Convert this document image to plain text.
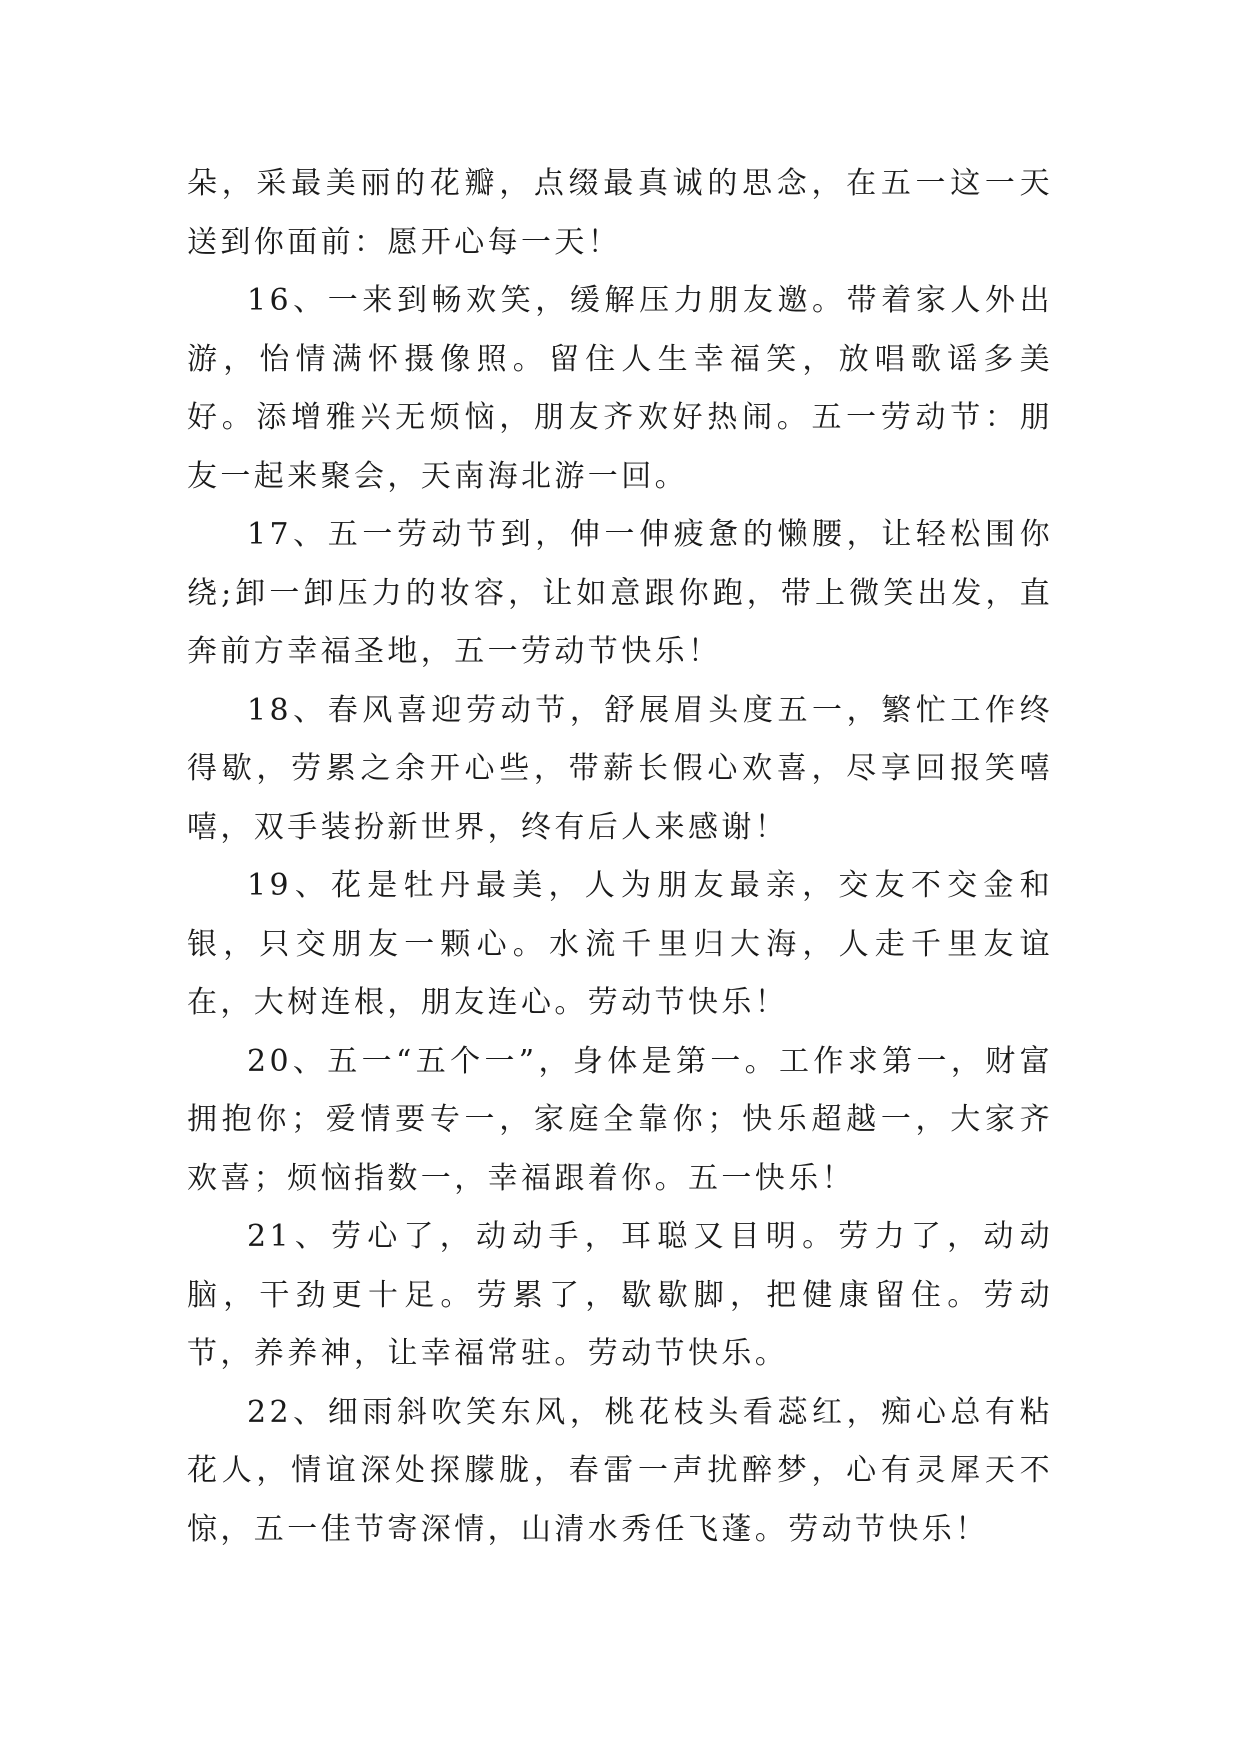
朵，采最美丽的花瓣，点缀最真诚的思念，在五一这一天送到你面前：愿开心每一天！

16、一来到畅欢笑，缓解压力朋友邀。带着家人外出游，怡情满怀摄像照。留住人生幸福笑，放唱歌谣多美好。添增雅兴无烦恼，朋友齐欢好热闹。五一劳动节：朋友一起来聚会，天南海北游一回。

17、五一劳动节到，伸一伸疲惫的懒腰，让轻松围你绕;卸一卸压力的妆容，让如意跟你跑，带上微笑出发，直奔前方幸福圣地，五一劳动节快乐！

18、春风喜迎劳动节，舒展眉头度五一，繁忙工作终得歇，劳累之余开心些，带薪长假心欢喜，尽享回报笑嘻嘻，双手装扮新世界，终有后人来感谢！

19、花是牡丹最美，人为朋友最亲，交友不交金和银，只交朋友一颗心。水流千里归大海，人走千里友谊在，大树连根，朋友连心。劳动节快乐！

20、五一“五个一”，身体是第一。工作求第一，财富拥抱你；爱情要专一，家庭全靠你；快乐超越一，大家齐欢喜；烦恼指数一，幸福跟着你。五一快乐！

21、劳心了，动动手，耳聪又目明。劳力了，动动脑，干劲更十足。劳累了，歇歇脚，把健康留住。劳动节，养养神，让幸福常驻。劳动节快乐。

22、细雨斜吹笑东风，桃花枝头看蕊红，痴心总有粘花人，情谊深处探朦胧，春雷一声扰醉梦，心有灵犀天不惊，五一佳节寄深情，山清水秀任飞蓬。劳动节快乐！
